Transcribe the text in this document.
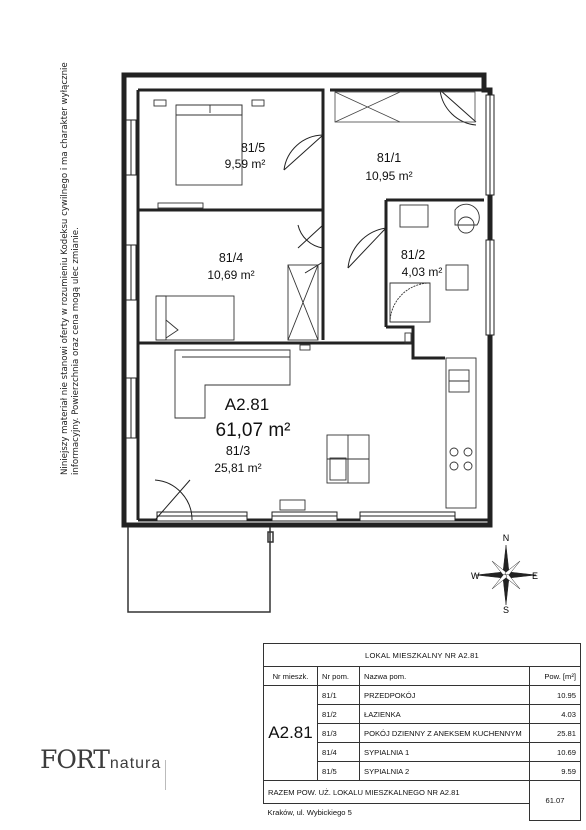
81/5
9,59 m²	81/1
10,95 m²
81/4
10,69 m²
81/2
4,03 m²
A2.81
61,07 m²
81/3
25,81 m²
N
E
S
W
Niniejszy materiał nie stanowi oferty w rozumieniu Kodeksu cywilnego i ma charakter wyłącznie informacyjny. Powierzchnia oraz cena mogą ulec zmianie.
FORTnatura
LOKAL MIESZKALNY NR A2.81			
Nr mieszk.	Nr pom.	Nazwa pom.	Pow. [m²]
A2.81	81/1	PRZEDPOKÓJ	10.95
	81/2	ŁAZIENKA	4.03
	81/3	POKÓJ DZIENNY Z ANEKSEM KUCHENNYM	25.81
	81/4	SYPIALNIA 1	10.69
	81/5	SYPIALNIA 2	9.59
RAZEM POW. UŻ. LOKALU MIESZKALNEGO NR A2.81			61.07
Kraków, ul. Wybickiego 5			
